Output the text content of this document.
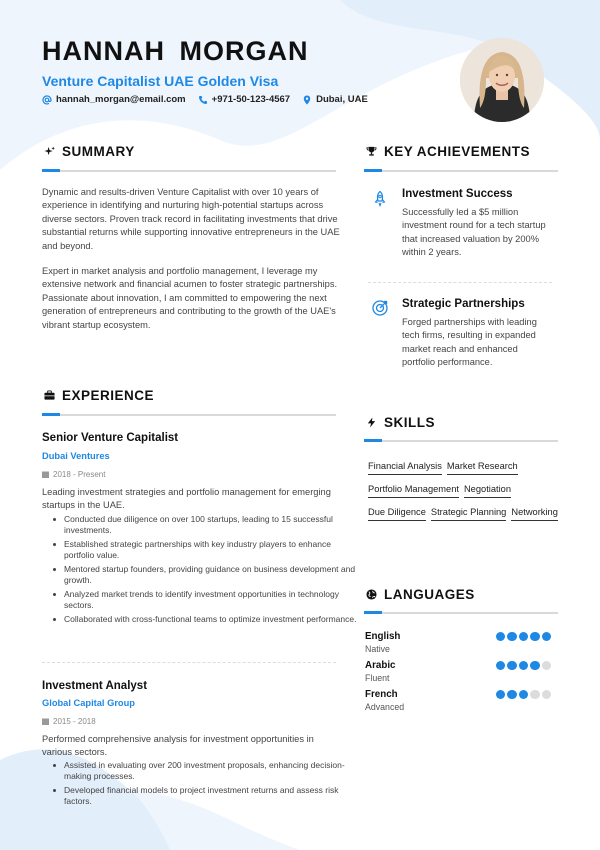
HANNAH MORGAN
Venture Capitalist UAE Golden Visa
hannah_morgan@email.com	+971-50-123-4567	Dubai, UAE
SUMMARY
Dynamic and results-driven Venture Capitalist with over 10 years of experience in identifying and nurturing high-potential startups across diverse sectors. Proven track record in facilitating investments that drive substantial returns while supporting innovative entrepreneurs in the UAE and beyond.
Expert in market analysis and portfolio management, I leverage my extensive network and financial acumen to foster strategic partnerships. Passionate about innovation, I am committed to empowering the next generation of entrepreneurs and contributing to the growth of the UAE's vibrant startup ecosystem.
EXPERIENCE
Senior Venture Capitalist
Dubai Ventures
2018 - Present
Leading investment strategies and portfolio management for emerging startups in the UAE.
Conducted due diligence on over 100 startups, leading to 15 successful investments.
Established strategic partnerships with key industry players to enhance portfolio value.
Mentored startup founders, providing guidance on business development and growth.
Analyzed market trends to identify investment opportunities in technology sectors.
Collaborated with cross-functional teams to optimize investment performance.
Investment Analyst
Global Capital Group
2015 - 2018
Performed comprehensive analysis for investment opportunities in various sectors.
Assisted in evaluating over 200 investment proposals, enhancing decision-making processes.
Developed financial models to project investment returns and assess risk factors.
KEY ACHIEVEMENTS
Investment Success
Successfully led a $5 million investment round for a tech startup that increased valuation by 200% within 2 years.
Strategic Partnerships
Forged partnerships with leading tech firms, resulting in expanded market reach and enhanced portfolio performance.
SKILLS
Financial Analysis Market Research
Portfolio Management Negotiation
Due Diligence Strategic Planning Networking
LANGUAGES
English
Native
Arabic
Fluent
French
Advanced
